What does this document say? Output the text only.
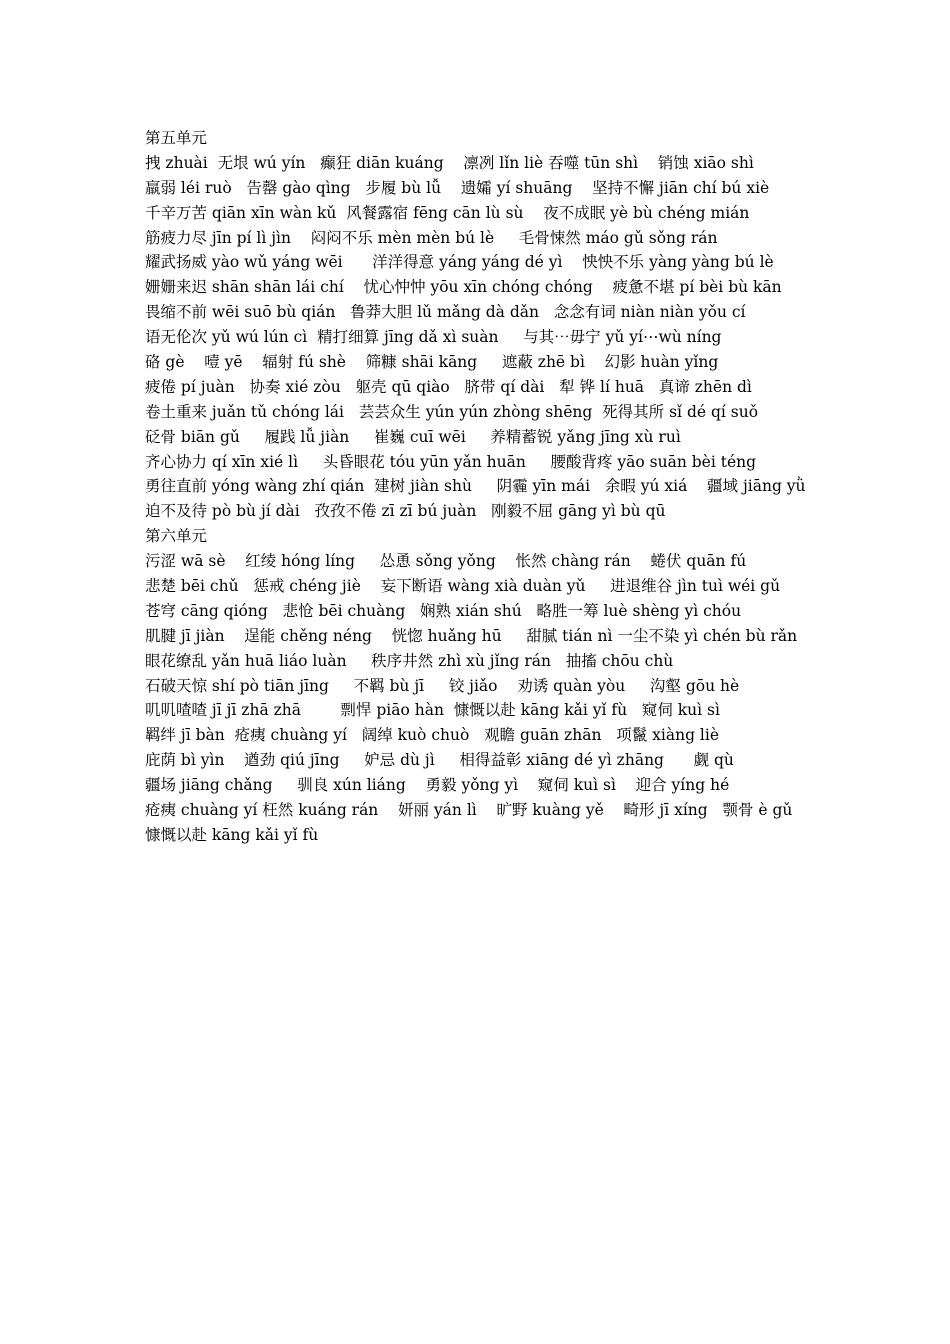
第五单元
拽 zhuài  无垠 wú yín   癫狂 diān kuáng    凛冽 lǐn liè 吞噬 tūn shì    销蚀 xiāo shì
羸弱 léi ruò   告罄 gào qìng   步履 bù lǚ    遗孀 yí shuāng    坚持不懈 jiān chí bú xiè
千辛万苦 qiān xīn wàn kǔ  风餐露宿 fēng cān lù sù    夜不成眠 yè bù chéng mián
筋疲力尽 jīn pí lì jìn    闷闷不乐 mèn mèn bú lè     毛骨悚然 máo gǔ sǒng rán
耀武扬威 yào wǔ yáng wēi      洋洋得意 yáng yáng dé yì    怏怏不乐 yàng yàng bú lè
姗姗来迟 shān shān lái chí    忧心忡忡 yōu xīn chóng chóng    疲惫不堪 pí bèi bù kān
畏缩不前 wēi suō bù qián   鲁莽大胆 lǔ mǎng dà dǎn   念念有词 niàn niàn yǒu cí
语无伦次 yǔ wú lún cì  精打细算 jīng dǎ xì suàn     与其⋯毋宁 yǔ yí⋯wù níng
硌 gè    噎 yē    辐射 fú shè    筛糠 shāi kāng     遮蔽 zhē bì    幻影 huàn yǐng
疲倦 pí juàn   协奏 xié zòu   躯壳 qū qiào   脐带 qí dài   犁 铧 lí huā   真谛 zhēn dì
卷土重来 juǎn tǔ chóng lái   芸芸众生 yún yún zhòng shēng  死得其所 sǐ dé qí suǒ
砭骨 biān gǔ     履践 lǚ jiàn     崔巍 cuī wēi     养精蓄锐 yǎng jīng xù ruì
齐心协力 qí xīn xié lì     头昏眼花 tóu yūn yǎn huān     腰酸背疼 yāo suān bèi téng
勇往直前 yóng wàng zhí qián  建树 jiàn shù     阴霾 yīn mái   余暇 yú xiá    疆域 jiāng yǜ
迫不及待 pò bù jí dài   孜孜不倦 zī zī bú juàn   刚毅不屈 gāng yì bù qū
第六单元
污涩 wā sè    红绫 hóng líng     怂恿 sǒng yǒng    怅然 chàng rán    蜷伏 quān fú
悲楚 bēi chǔ   惩戒 chéng jiè    妄下断语 wàng xià duàn yǔ     进退维谷 jìn tuì wéi gǔ
苍穹 cāng qióng   悲怆 bēi chuàng   娴熟 xián shú   略胜一筹 luè shèng yì chóu
肌腱 jī jiàn    逞能 chěng néng    恍惚 huǎng hū     甜腻 tián nì 一尘不染 yì chén bù rǎn
眼花缭乱 yǎn huā liáo luàn     秩序井然 zhì xù jǐng rán   抽搐 chōu chù
石破天惊 shí pò tiān jīng     不羁 bù jī     铰 jiǎo    劝诱 quàn yòu     沟壑 gōu hè
叽叽喳喳 jī jī zhā zhā        剽悍 piāo hàn  慷慨以赴 kāng kǎi yǐ fù   窥伺 kuì sì
羁绊 jī bàn  疮痍 chuàng yí   阔绰 kuò chuò   观瞻 guān zhān   项鬣 xiàng liè
庇荫 bì yìn    遒劲 qiú jīng     妒忌 dù jì     相得益彰 xiāng dé yì zhāng      觑 qù
疆场 jiāng chǎng     驯良 xún liáng    勇毅 yǒng yì    窥伺 kuì sì    迎合 yíng hé
疮痍 chuàng yí 枉然 kuáng rán    妍丽 yán lì    旷野 kuàng yě    畸形 jī xíng   颚骨 è gǔ
慷慨以赴 kāng kǎi yǐ fù
